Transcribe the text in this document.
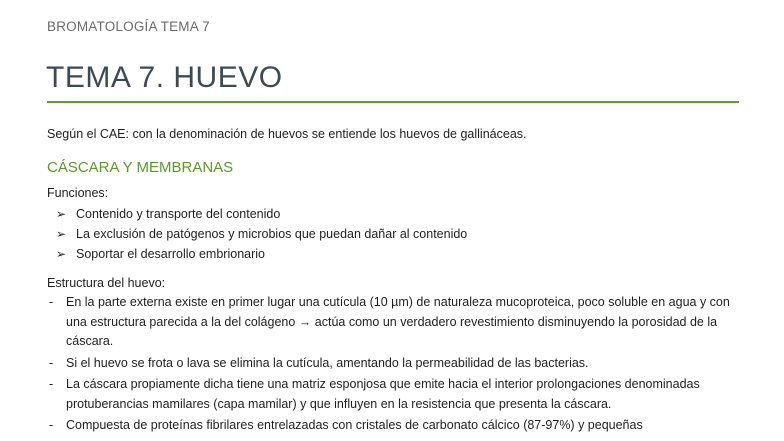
BROMATOLOGÍA TEMA 7
TEMA 7. HUEVO
Según el CAE: con la denominación de huevos se entiende los huevos de gallináceas.
CÁSCARA Y MEMBRANAS
Funciones:
➢ Contenido y transporte del contenido
➢ La exclusión de patógenos y microbios que puedan dañar al contenido
➢ Soportar el desarrollo embrionario
Estructura del huevo:
-	En la parte externa existe en primer lugar una cutícula (10 µm) de naturaleza mucoproteica, poco soluble en agua y con una estructura parecida a la del colágeno → actúa como un verdadero revestimiento disminuyendo la porosidad de la cáscara.
-	Si el huevo se frota o lava se elimina la cutícula, amentando la permeabilidad de las bacterias.
-	La cáscara propiamente dicha tiene una matriz esponjosa que emite hacia el interior prolongaciones denominadas protuberancias mamilares (capa mamilar) y que influyen en la resistencia que presenta la cáscara.
-	Compuesta de proteínas fibrilares entrelazadas con cristales de carbonato cálcico (87-97%) y pequeñas
